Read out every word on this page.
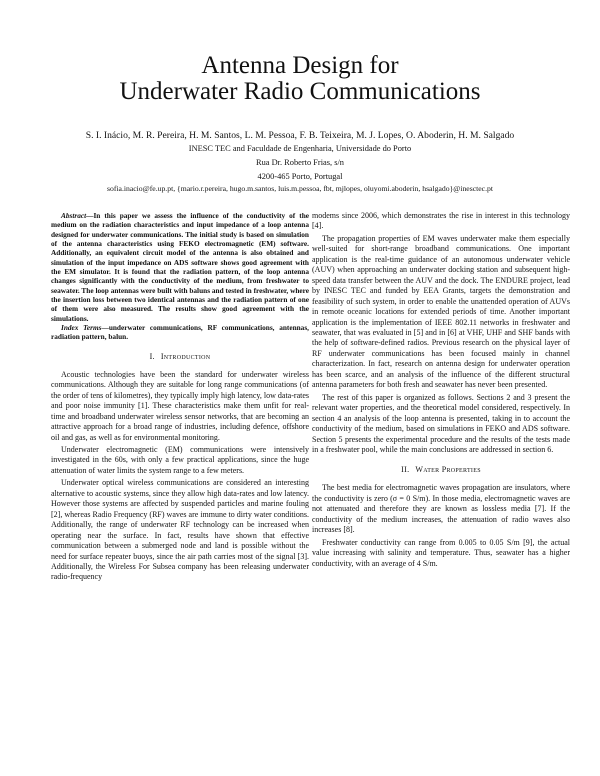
Antenna Design for
Underwater Radio Communications
S. I. Inácio, M. R. Pereira, H. M. Santos, L. M. Pessoa, F. B. Teixeira, M. J. Lopes, O. Aboderin, H. M. Salgado
INESC TEC and Faculdade de Engenharia, Universidade do Porto
Rua Dr. Roberto Frias, s/n
4200-465 Porto, Portugal
sofia.inacio@fe.up.pt, {mario.r.pereira, hugo.m.santos, luis.m.pessoa, fbt, mjlopes, oluyomi.aboderin, hsalgado}@inesctec.pt

Abstract—In this paper we assess the influence of the conductivity of the medium on the radiation characteristics and input impedance of a loop antenna designed for underwater communications. The initial study is based on simulation of the antenna characteristics using FEKO electromagnetic (EM) software. Additionally, an equivalent circuit model of the antenna is also obtained and simulation of the input impedance on ADS software shows good agreement with the EM simulator. It is found that the radiation pattern, of the loop antenna changes significantly with the conductivity of the medium, from freshwater to seawater. The loop antennas were built with baluns and tested in freshwater, where the insertion loss between two identical antennas and the radiation pattern of one of them were also measured. The results show good agreement with the simulations.

Index Terms—underwater communications, RF communications, antennas, radiation pattern, balun.

I. Introduction

Acoustic technologies have been the standard for underwater wireless communications. Although they are suitable for long range communications (of the order of tens of kilometres), they typically imply high latency, low data-rates and poor noise immunity [1]. These characteristics make them unfit for real-time and broadband underwater wireless sensor networks, that are becoming an attractive approach for a broad range of industries, including defence, offshore oil and gas, as well as for environmental monitoring.

Underwater electromagnetic (EM) communications were intensively investigated in the 60s, with only a few practical applications, since the huge attenuation of water limits the system range to a few meters.

Underwater optical wireless communications are considered an interesting alternative to acoustic systems, since they allow high data-rates and low latency. However those systems are affected by suspended particles and marine fouling [2], whereas Radio Frequency (RF) waves are immune to dirty water conditions. Additionally, the range of underwater RF technology can be increased when operating near the surface. In fact, results have shown that effective communication between a submerged node and land is possible without the need for surface repeater buoys, since the air path carries most of the signal [3]. Additionally, the Wireless For Subsea company has been releasing underwater radio-frequency

modems since 2006, which demonstrates the rise in interest in this technology [4].

The propagation properties of EM waves underwater make them especially well-suited for short-range broadband communications. One important application is the real-time guidance of an autonomous underwater vehicle (AUV) when approaching an underwater docking station and subsequent high-speed data transfer between the AUV and the dock. The ENDURE project, lead by INESC TEC and funded by EEA Grants, targets the demonstration and feasibility of such system, in order to enable the unattended operation of AUVs in remote oceanic locations for extended periods of time. Another important application is the implementation of IEEE 802.11 networks in freshwater and seawater, that was evaluated in [5] and in [6] at VHF, UHF and SHF bands with the help of software-defined radios. Previous research on the physical layer of RF underwater communications has been focused mainly in channel characterization. In fact, research on antenna design for underwater operation has been scarce, and an analysis of the influence of the different structural antenna parameters for both fresh and seawater has never been presented.

The rest of this paper is organized as follows. Sections 2 and 3 present the relevant water properties, and the theoretical model considered, respectively. In section 4 an analysis of the loop antenna is presented, taking in to account the conductivity of the medium, based on simulations in FEKO and ADS software. Section 5 presents the experimental procedure and the results of the tests made in a freshwater pool, while the main conclusions are addressed in section 6.

II. Water Properties

The best media for electromagnetic waves propagation are insulators, where the conductivity is zero (σ = 0 S/m). In those media, electromagnetic waves are not attenuated and therefore they are known as lossless media [7]. If the conductivity of the medium increases, the attenuation of radio waves also increases [8].

Freshwater conductivity can range from 0.005 to 0.05 S/m [9], the actual value increasing with salinity and temperature. Thus, seawater has a higher conductivity, with an average of 4 S/m.
